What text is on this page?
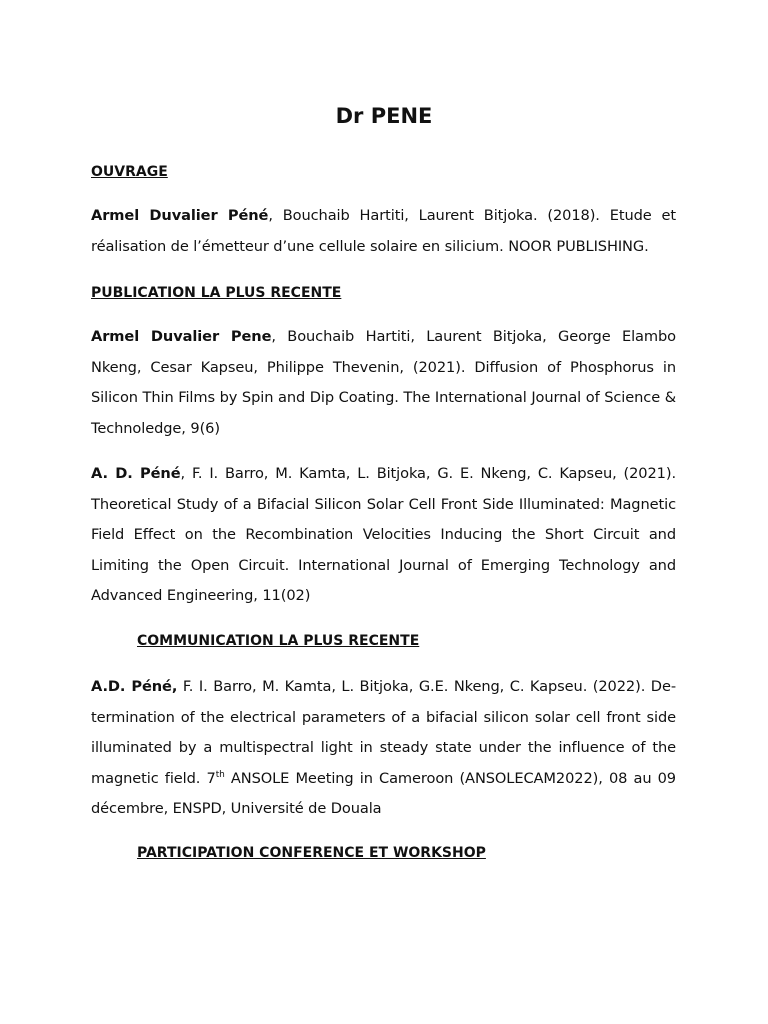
Dr PENE
OUVRAGE

Armel Duvalier Péné, Bouchaib Hartiti, Laurent Bitjoka. (2018). Etude et réalisation de l’émetteur d’une cellule solaire en silicium. NOOR PUBLISHING.

PUBLICATION LA PLUS RECENTE

Armel Duvalier Pene, Bouchaib Hartiti, Laurent Bitjoka, George Elambo Nkeng, Cesar Kapseu, Philippe Thevenin, (2021). Diffusion of Phosphorus in Silicon Thin Films by Spin and Dip Coating. The International Journal of Science & Technoledge, 9(6)

A. D. Péné, F. I. Barro, M. Kamta, L. Bitjoka, G. E. Nkeng, C. Kapseu, (2021). Theoretical Study of a Bifacial Silicon Solar Cell Front Side Illuminated: Magnetic Field Effect on the Recombination Velocities Inducing the Short Circuit and Limiting the Open Circuit. International Journal of Emerging Technology and Advanced Engineering, 11(02)

COMMUNICATION LA PLUS RECENTE

A.D. Péné, F. I. Barro, M. Kamta, L. Bitjoka, G.E. Nkeng, C. Kapseu. (2022). De-termination of the electrical parameters of a bifacial silicon solar cell front side illuminated by a multispectral light in steady state under the influence of the magnetic field. 7th ANSOLE Meeting in Cameroon (ANSOLECAM2022), 08 au 09 décembre, ENSPD, Université de Douala

PARTICIPATION CONFERENCE ET WORKSHOP
